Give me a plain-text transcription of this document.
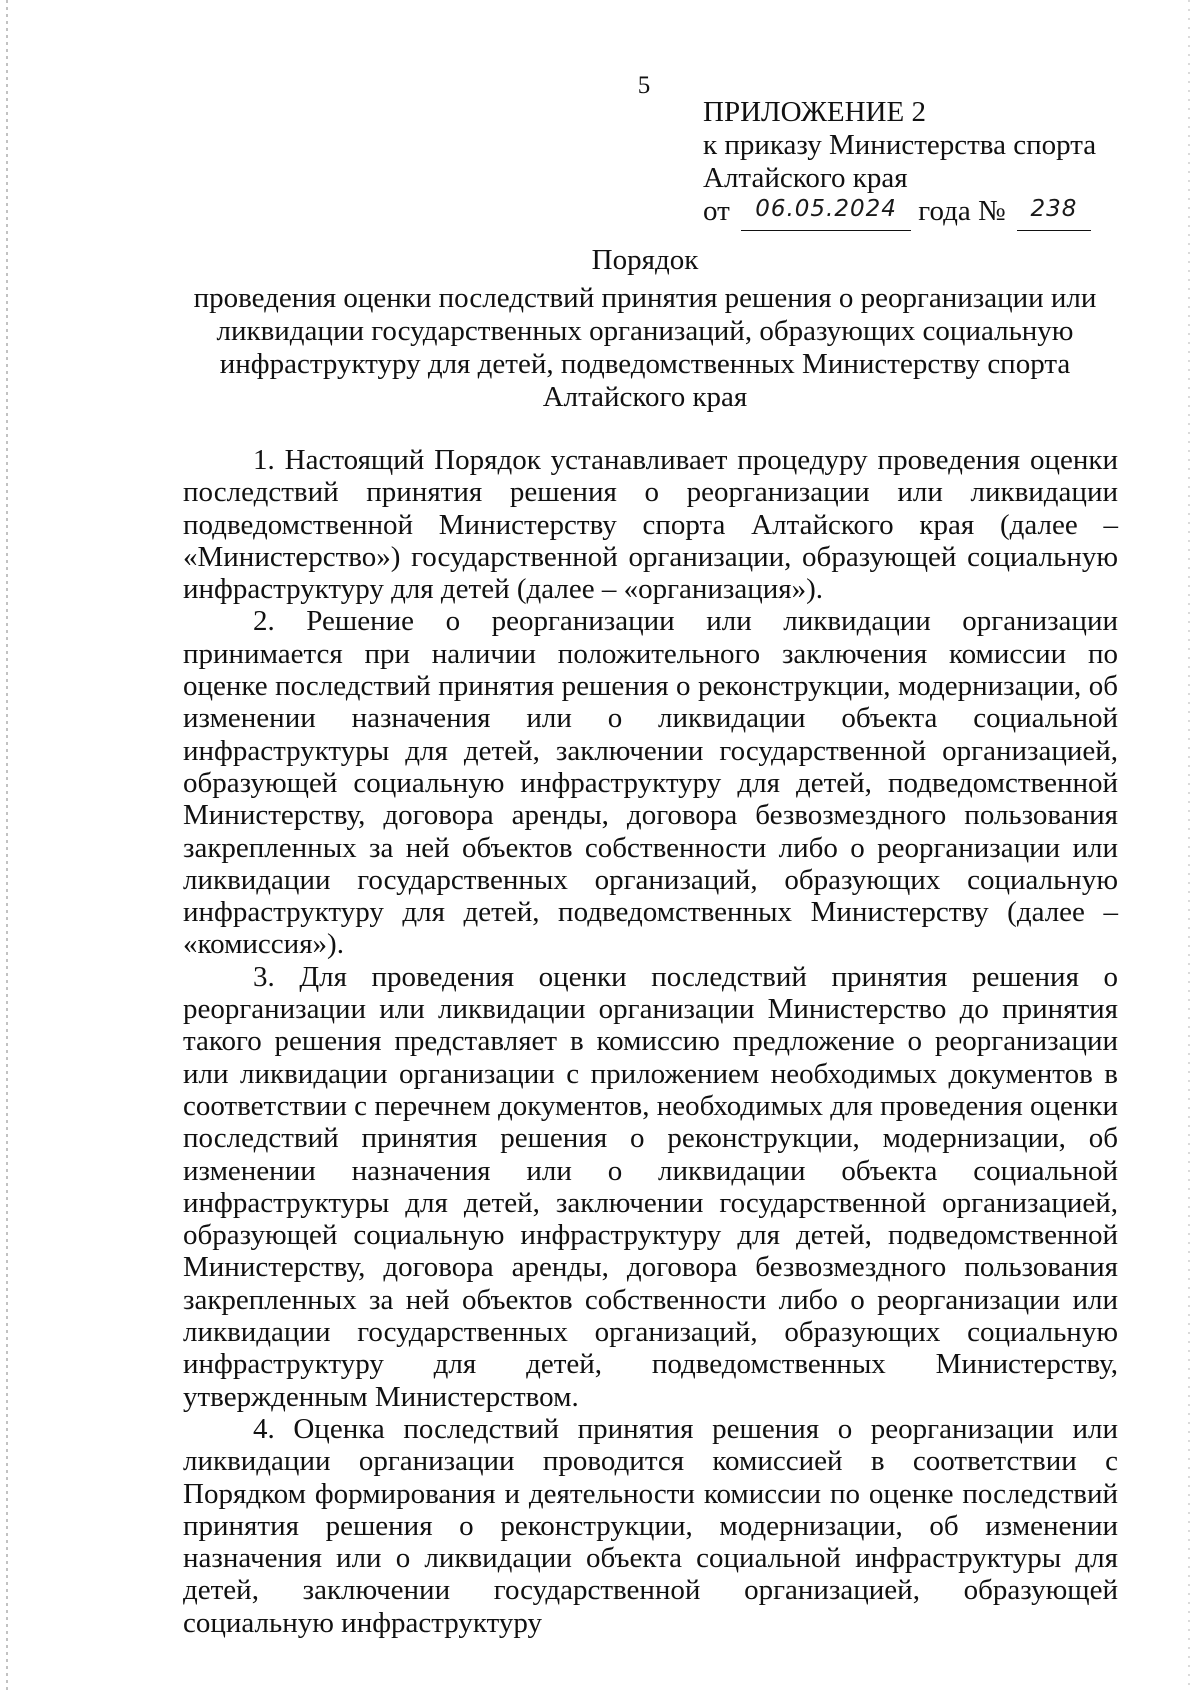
5
ПРИЛОЖЕНИЕ 2
к приказу Министерства спорта
Алтайского края
от 06.05.2024 года № 238
Порядок
проведения оценки последствий принятия решения о реорганизации или ликвидации государственных организаций, образующих социальную инфраструктуру для детей, подведомственных Министерству спорта Алтайского края

1. Настоящий Порядок устанавливает процедуру проведения оценки последствий принятия решения о реорганизации или ликвидации подведомственной Министерству спорта Алтайского края (далее – «Министерство») государственной организации, образующей социальную инфраструктуру для детей (далее – «организация»).

2. Решение о реорганизации или ликвидации организации принимается при наличии положительного заключения комиссии по оценке последствий принятия решения о реконструкции, модернизации, об изменении назначения или о ликвидации объекта социальной инфраструктуры для детей, заключении государственной организацией, образующей социальную инфраструктуру для детей, подведомственной Министерству, договора аренды, договора безвозмездного пользования закрепленных за ней объектов собственности либо о реорганизации или ликвидации государственных организаций, образующих социальную инфраструктуру для детей, подведомственных Министерству (далее – «комиссия»).

3. Для проведения оценки последствий принятия решения о реорганизации или ликвидации организации Министерство до принятия такого решения представляет в комиссию предложение о реорганизации или ликвидации организации с приложением необходимых документов в соответствии с перечнем документов, необходимых для проведения оценки последствий принятия решения о реконструкции, модернизации, об изменении назначения или о ликвидации объекта социальной инфраструктуры для детей, заключении государственной организацией, образующей социальную инфраструктуру для детей, подведомственной Министерству, договора аренды, договора безвозмездного пользования закрепленных за ней объектов собственности либо о реорганизации или ликвидации государственных организаций, образующих социальную инфраструктуру для детей, подведомственных Министерству, утвержденным Министерством.

4. Оценка последствий принятия решения о реорганизации или ликвидации организации проводится комиссией в соответствии с Порядком формирования и деятельности комиссии по оценке последствий принятия решения о реконструкции, модернизации, об изменении назначения или о ликвидации объекта социальной инфраструктуры для детей, заключении государственной организацией, образующей социальную инфраструктуру
